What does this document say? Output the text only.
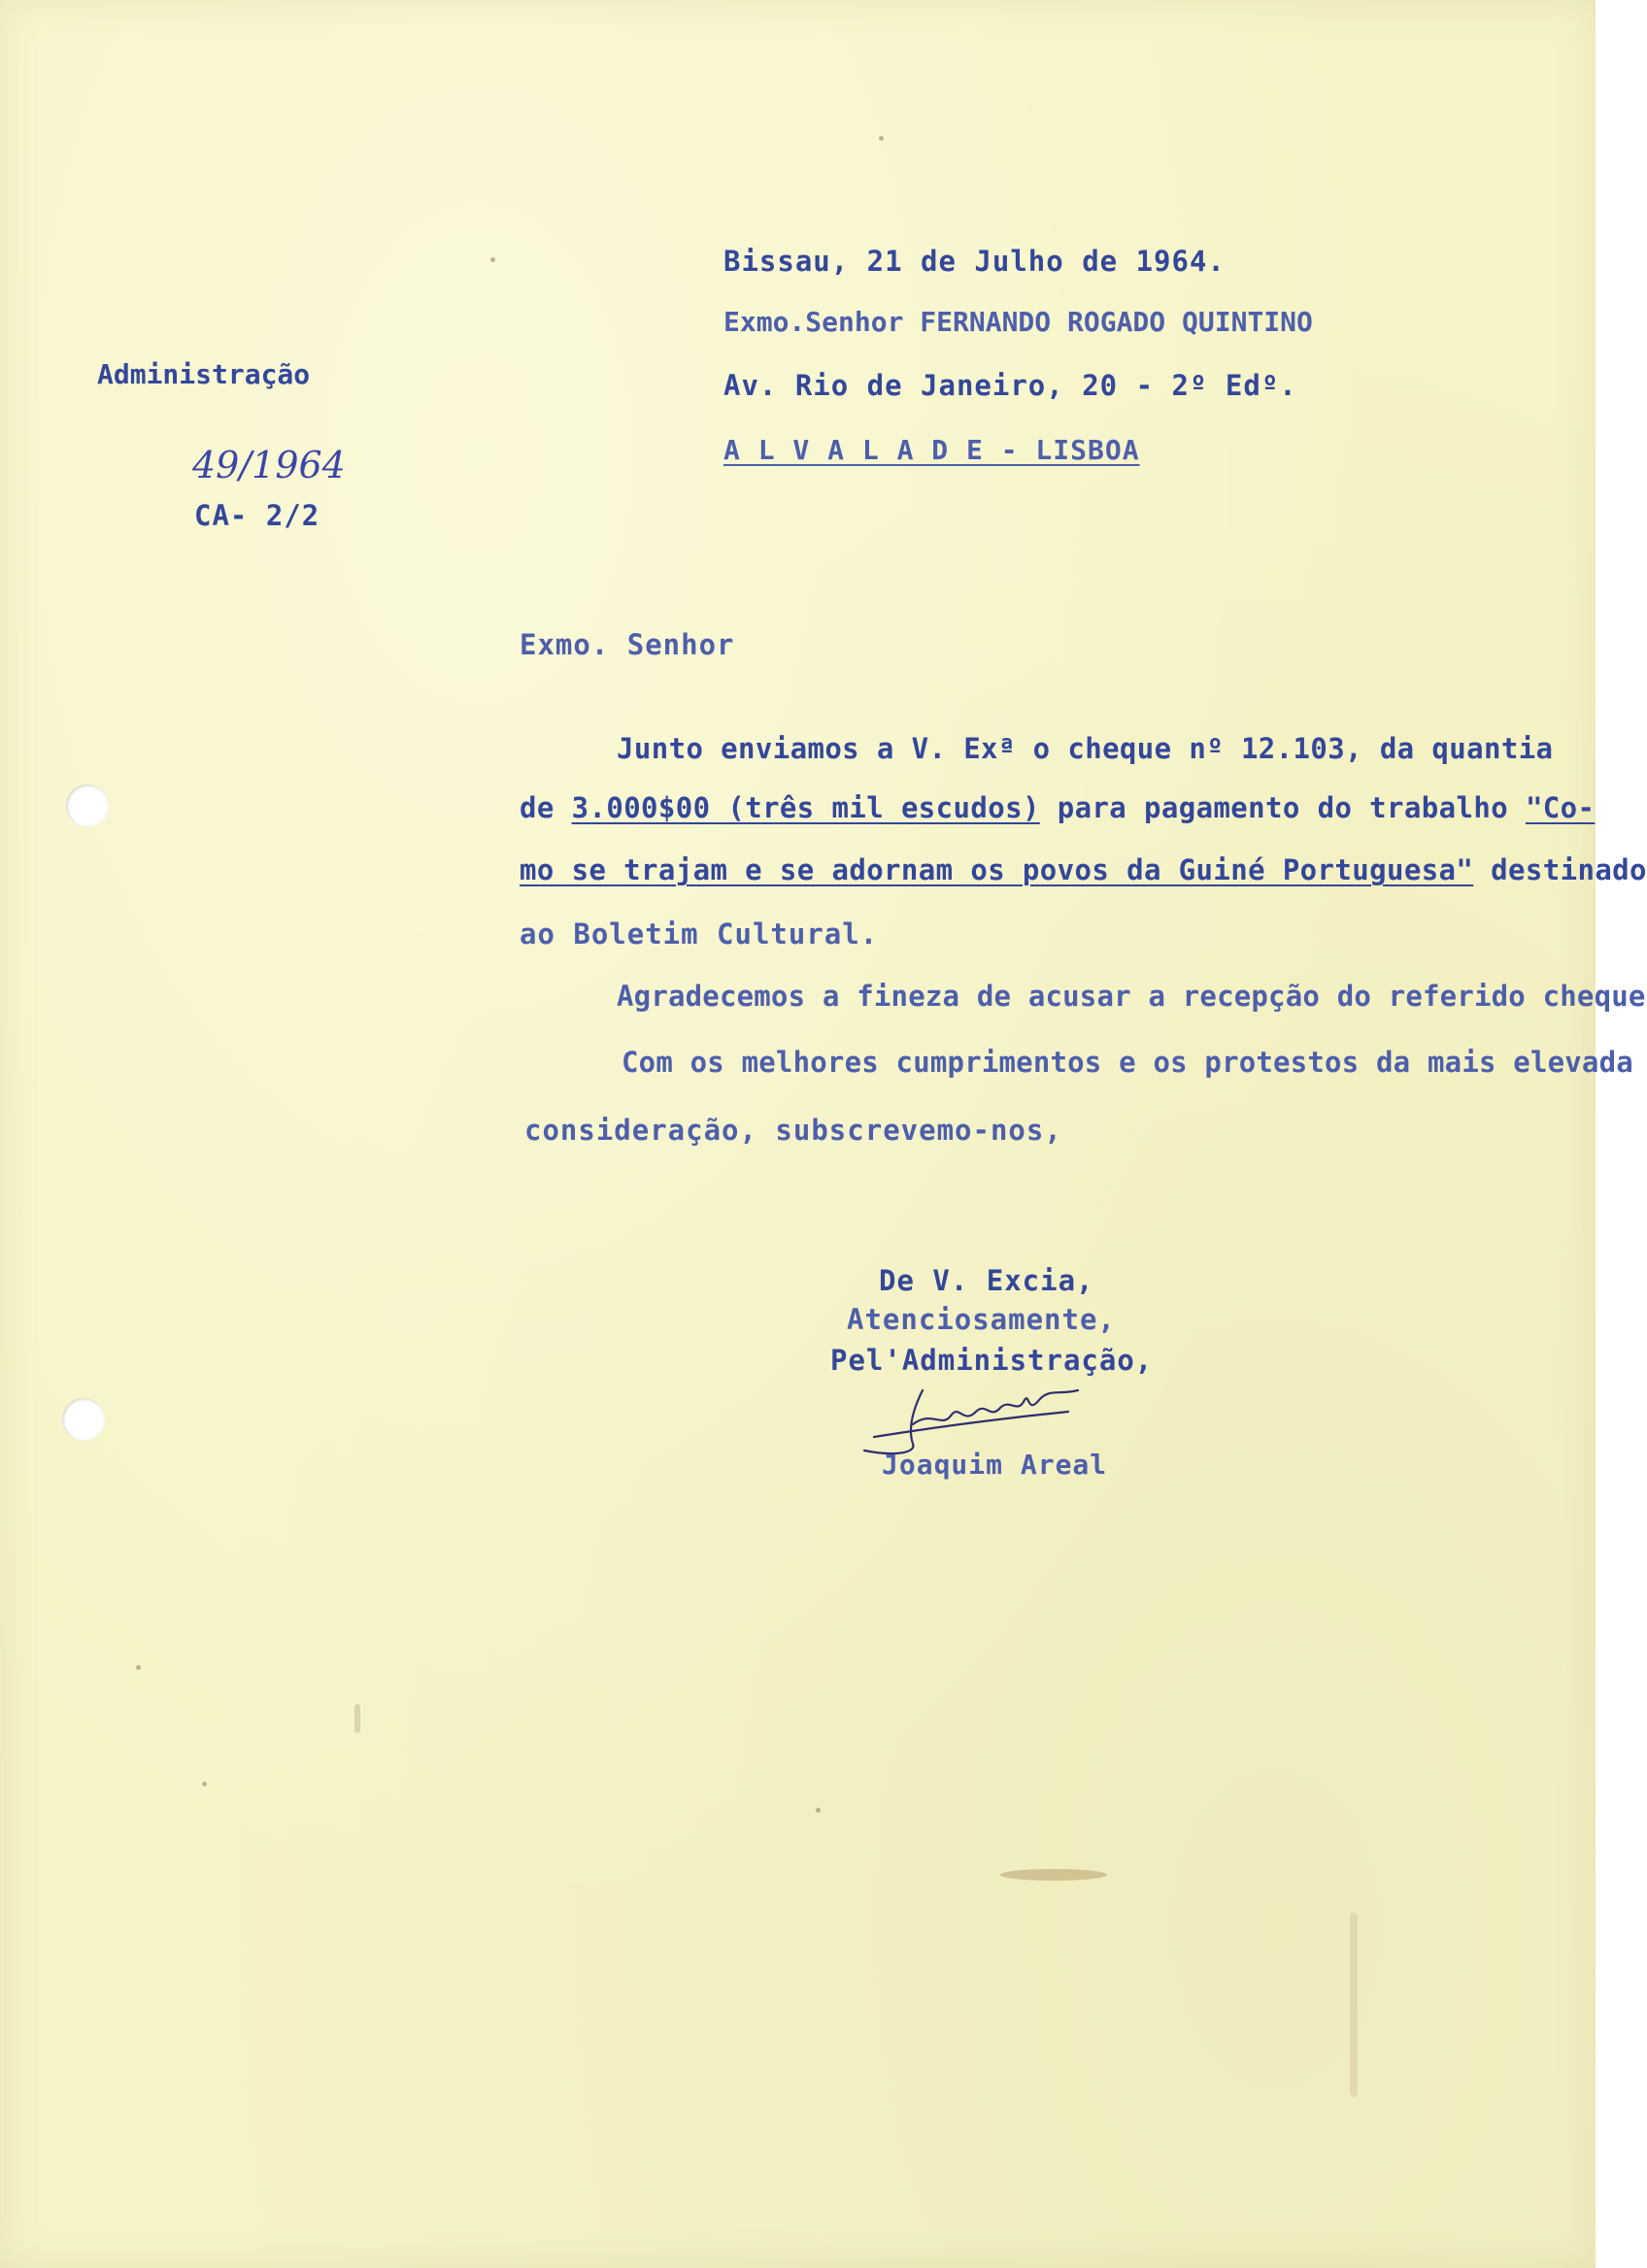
Bissau, 21 de Julho de 1964.
Exmo.Senhor FERNANDO ROGADO QUINTINO
Av. Rio de Janeiro, 20 - 2º Edº.
A L V A L A D E - LISBOA
Administração
49/1964
CA- 2/2
Exmo. Senhor
Junto enviamos a V. Exª o cheque nº 12.103, da quantia
de 3.000$00 (três mil escudos) para pagamento do trabalho "Co-
mo se trajam e se adornam os povos da Guiné Portuguesa" destinado
ao Boletim Cultural.
Agradecemos a fineza de acusar a recepção do referido cheque
Com os melhores cumprimentos e os protestos da mais elevada
consideração, subscrevemo-nos,
De V. Excia,
Atenciosamente,
Pel'Administração,
Joaquim Areal
